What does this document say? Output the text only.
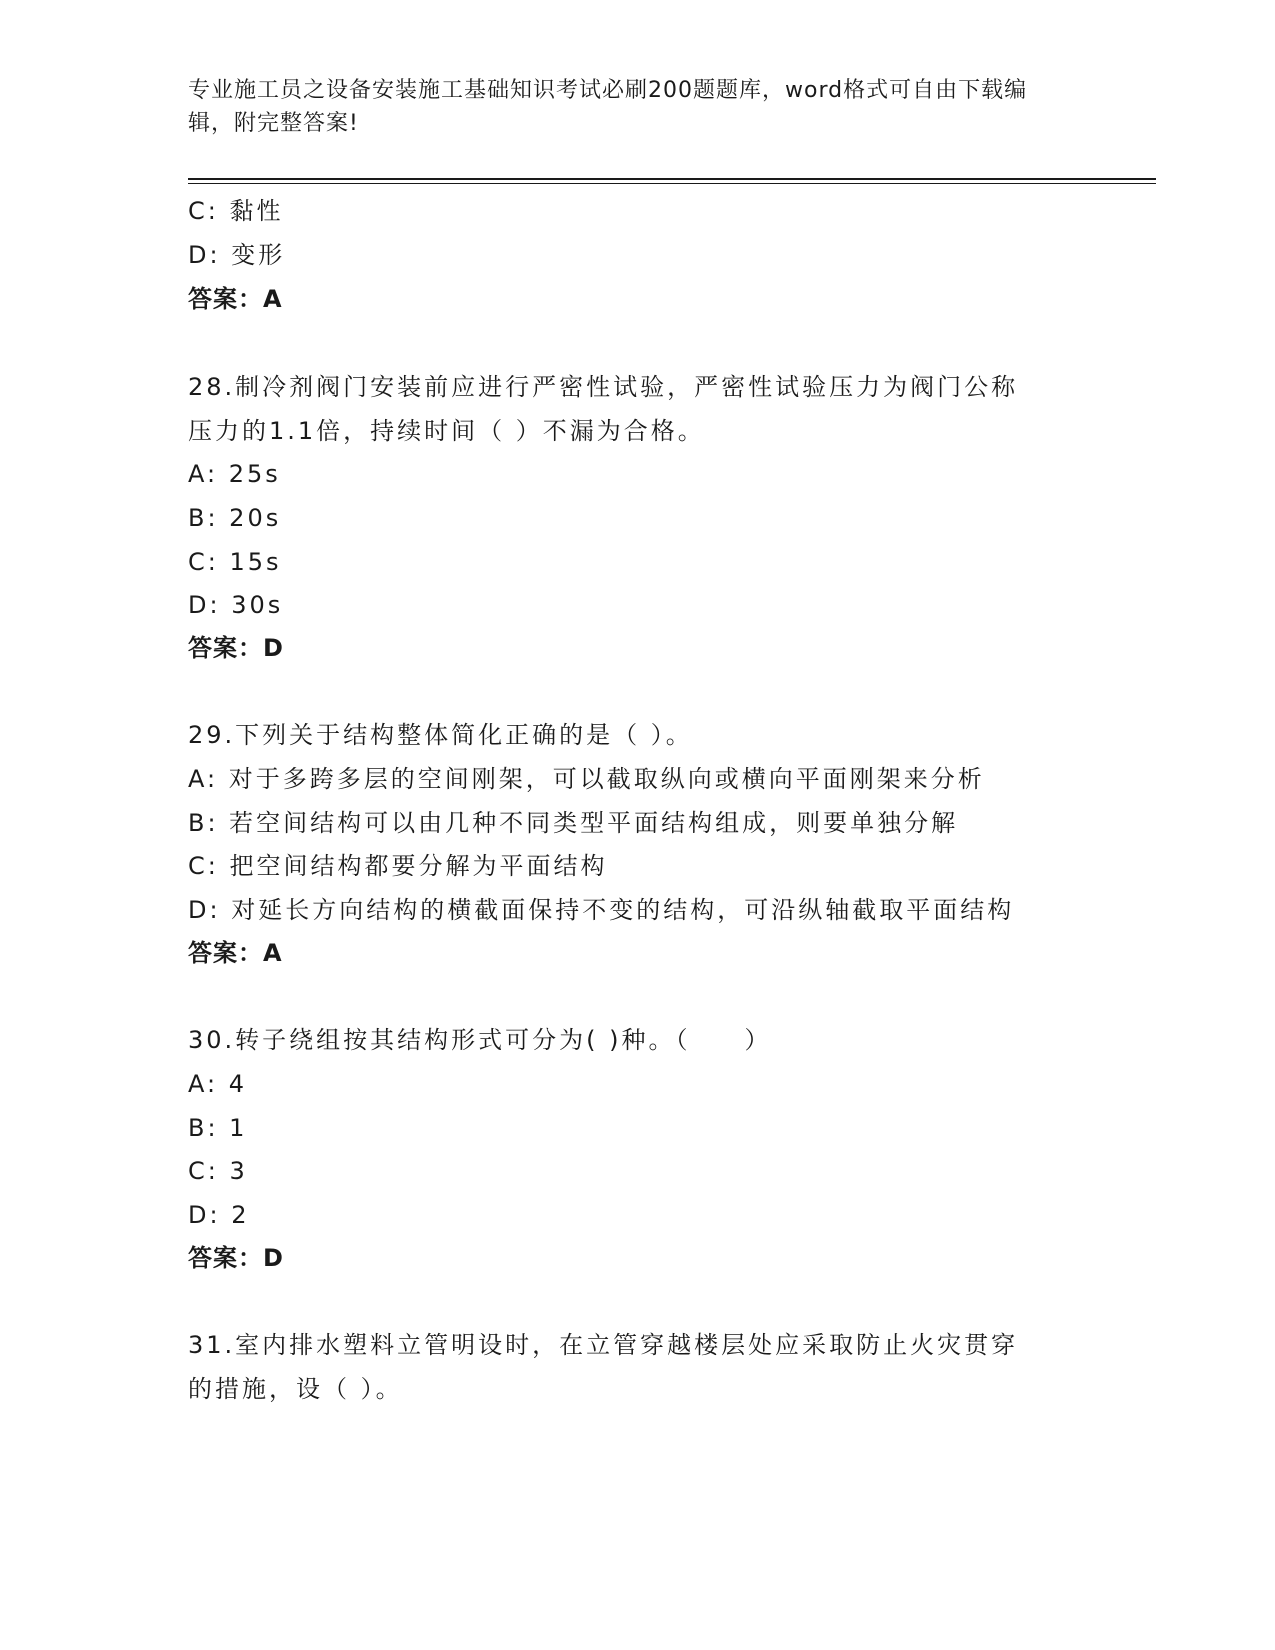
专业施工员之设备安装施工基础知识考试必刷200题题库，word格式可自由下载编辑，附完整答案!
C: 黏性
D: 变形
答案：A
28.制冷剂阀门安装前应进行严密性试验，严密性试验压力为阀门公称
压力的1.1倍，持续时间（ ）不漏为合格。
A: 25s
B: 20s
C: 15s
D: 30s
答案：D
29.下列关于结构整体简化正确的是（ ）。
A: 对于多跨多层的空间刚架，可以截取纵向或横向平面刚架来分析
B: 若空间结构可以由几种不同类型平面结构组成，则要单独分解
C: 把空间结构都要分解为平面结构
D: 对延长方向结构的横截面保持不变的结构，可沿纵轴截取平面结构
答案：A
30.转子绕组按其结构形式可分为( )种。（　　）
A: 4
B: 1
C: 3
D: 2
答案：D
31.室内排水塑料立管明设时，在立管穿越楼层处应采取防止火灾贯穿
的措施，设（ ）。
